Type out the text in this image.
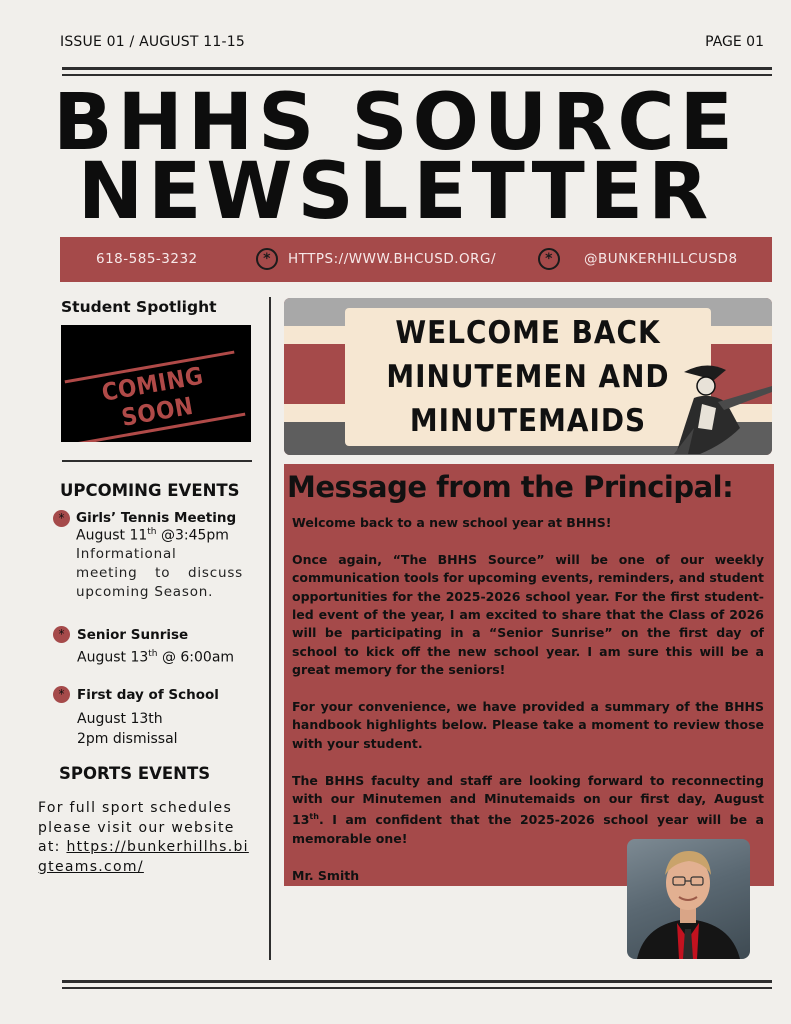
ISSUE 01 / AUGUST 11-15	PAGE 01
BHHS SOURCE
NEWSLETTER
618-585-3232	*	HTTPS://WWW.BHCUSD.ORG/	*	@BUNKERHILLCUSD8
Student Spotlight
COMING SOON
UPCOMING EVENTS
* Girls’ Tennis Meeting
August 11th @3:45pm
Informational meeting to discuss upcoming Season.
* Senior Sunrise
August 13th @ 6:00am
* First day of School
August 13th
2pm dismissal
SPORTS EVENTS
For full sport schedules please visit our website at: https://bunkerhillhs.bigteams.com/
WELCOME BACK
MINUTEMEN AND
MINUTEMAIDS
Message from the Principal:

Welcome back to a new school year at BHHS!

Once again, “The BHHS Source” will be one of our weekly communication tools for upcoming events, reminders, and student opportunities for the 2025-2026 school year. For the first student-led event of the year, I am excited to share that the Class of 2026 will be participating in a “Senior Sunrise” on the first day of school to kick off the new school year. I am sure this will be a great memory for the seniors!

For your convenience, we have provided a summary of the BHHS handbook highlights below. Please take a moment to review those with your student.

The BHHS faculty and staff are looking forward to reconnecting with our Minutemen and Minutemaids on our first day, August 13th. I am confident that the 2025-2026 school year will be a memorable one!

Mr. Smith
